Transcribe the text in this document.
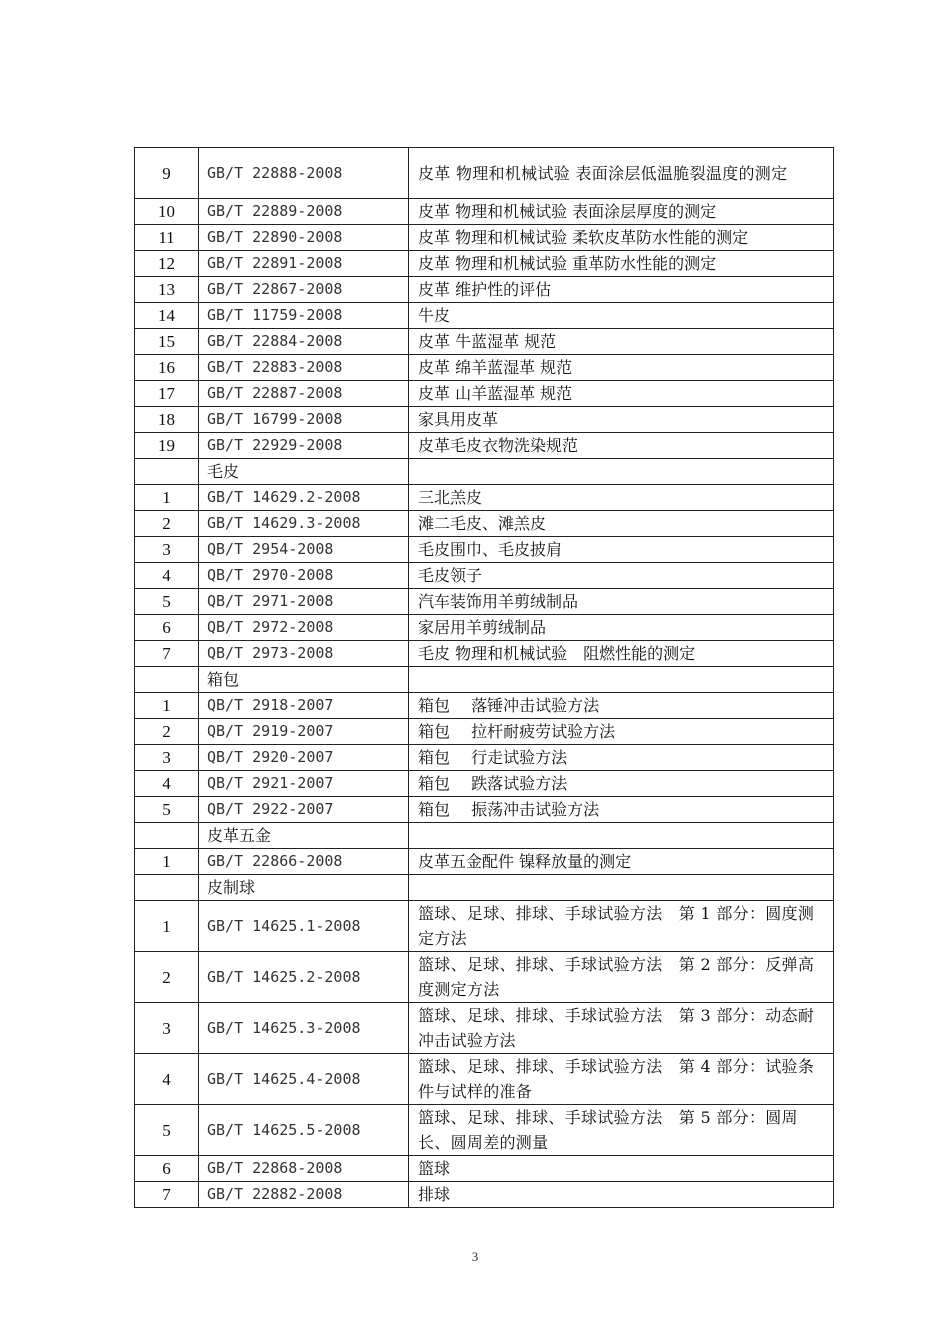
9	GB/T 22888-2008	皮革 物理和机械试验 表面涂层低温脆裂温度的测定
10	GB/T 22889-2008	皮革 物理和机械试验 表面涂层厚度的测定
11	GB/T 22890-2008	皮革 物理和机械试验 柔软皮革防水性能的测定
12	GB/T 22891-2008	皮革 物理和机械试验 重革防水性能的测定
13	GB/T 22867-2008	皮革 维护性的评估
14	GB/T 11759-2008	牛皮
15	GB/T 22884-2008	皮革 牛蓝湿革 规范
16	GB/T 22883-2008	皮革 绵羊蓝湿革 规范
17	GB/T 22887-2008	皮革 山羊蓝湿革 规范
18	GB/T 16799-2008	家具用皮革
19	GB/T 22929-2008	皮革毛皮衣物洗染规范
	毛皮	
1	GB/T 14629.2-2008	三北羔皮
2	GB/T 14629.3-2008	滩二毛皮、滩羔皮
3	QB/T 2954-2008	毛皮围巾、毛皮披肩
4	QB/T 2970-2008	毛皮领子
5	QB/T 2971-2008	汽车装饰用羊剪绒制品
6	QB/T 2972-2008	家居用羊剪绒制品
7	QB/T 2973-2008	毛皮 物理和机械试验　阻燃性能的测定
	箱包	
1	QB/T 2918-2007	箱包　 落锤冲击试验方法
2	QB/T 2919-2007	箱包　 拉杆耐疲劳试验方法
3	QB/T 2920-2007	箱包　 行走试验方法
4	QB/T 2921-2007	箱包　 跌落试验方法
5	QB/T 2922-2007	箱包　 振荡冲击试验方法
	皮革五金	
1	GB/T 22866-2008	皮革五金配件 镍释放量的测定
	皮制球	
1	GB/T 14625.1-2008	篮球、足球、排球、手球试验方法　第 1 部分：圆度测定方法
2	GB/T 14625.2-2008	篮球、足球、排球、手球试验方法　第 2 部分：反弹高度测定方法
3	GB/T 14625.3-2008	篮球、足球、排球、手球试验方法　第 3 部分：动态耐冲击试验方法
4	GB/T 14625.4-2008	篮球、足球、排球、手球试验方法　第 4 部分：试验条件与试样的准备
5	GB/T 14625.5-2008	篮球、足球、排球、手球试验方法　第 5 部分：圆周长、圆周差的测量
6	GB/T 22868-2008	篮球
7	GB/T 22882-2008	排球
3
